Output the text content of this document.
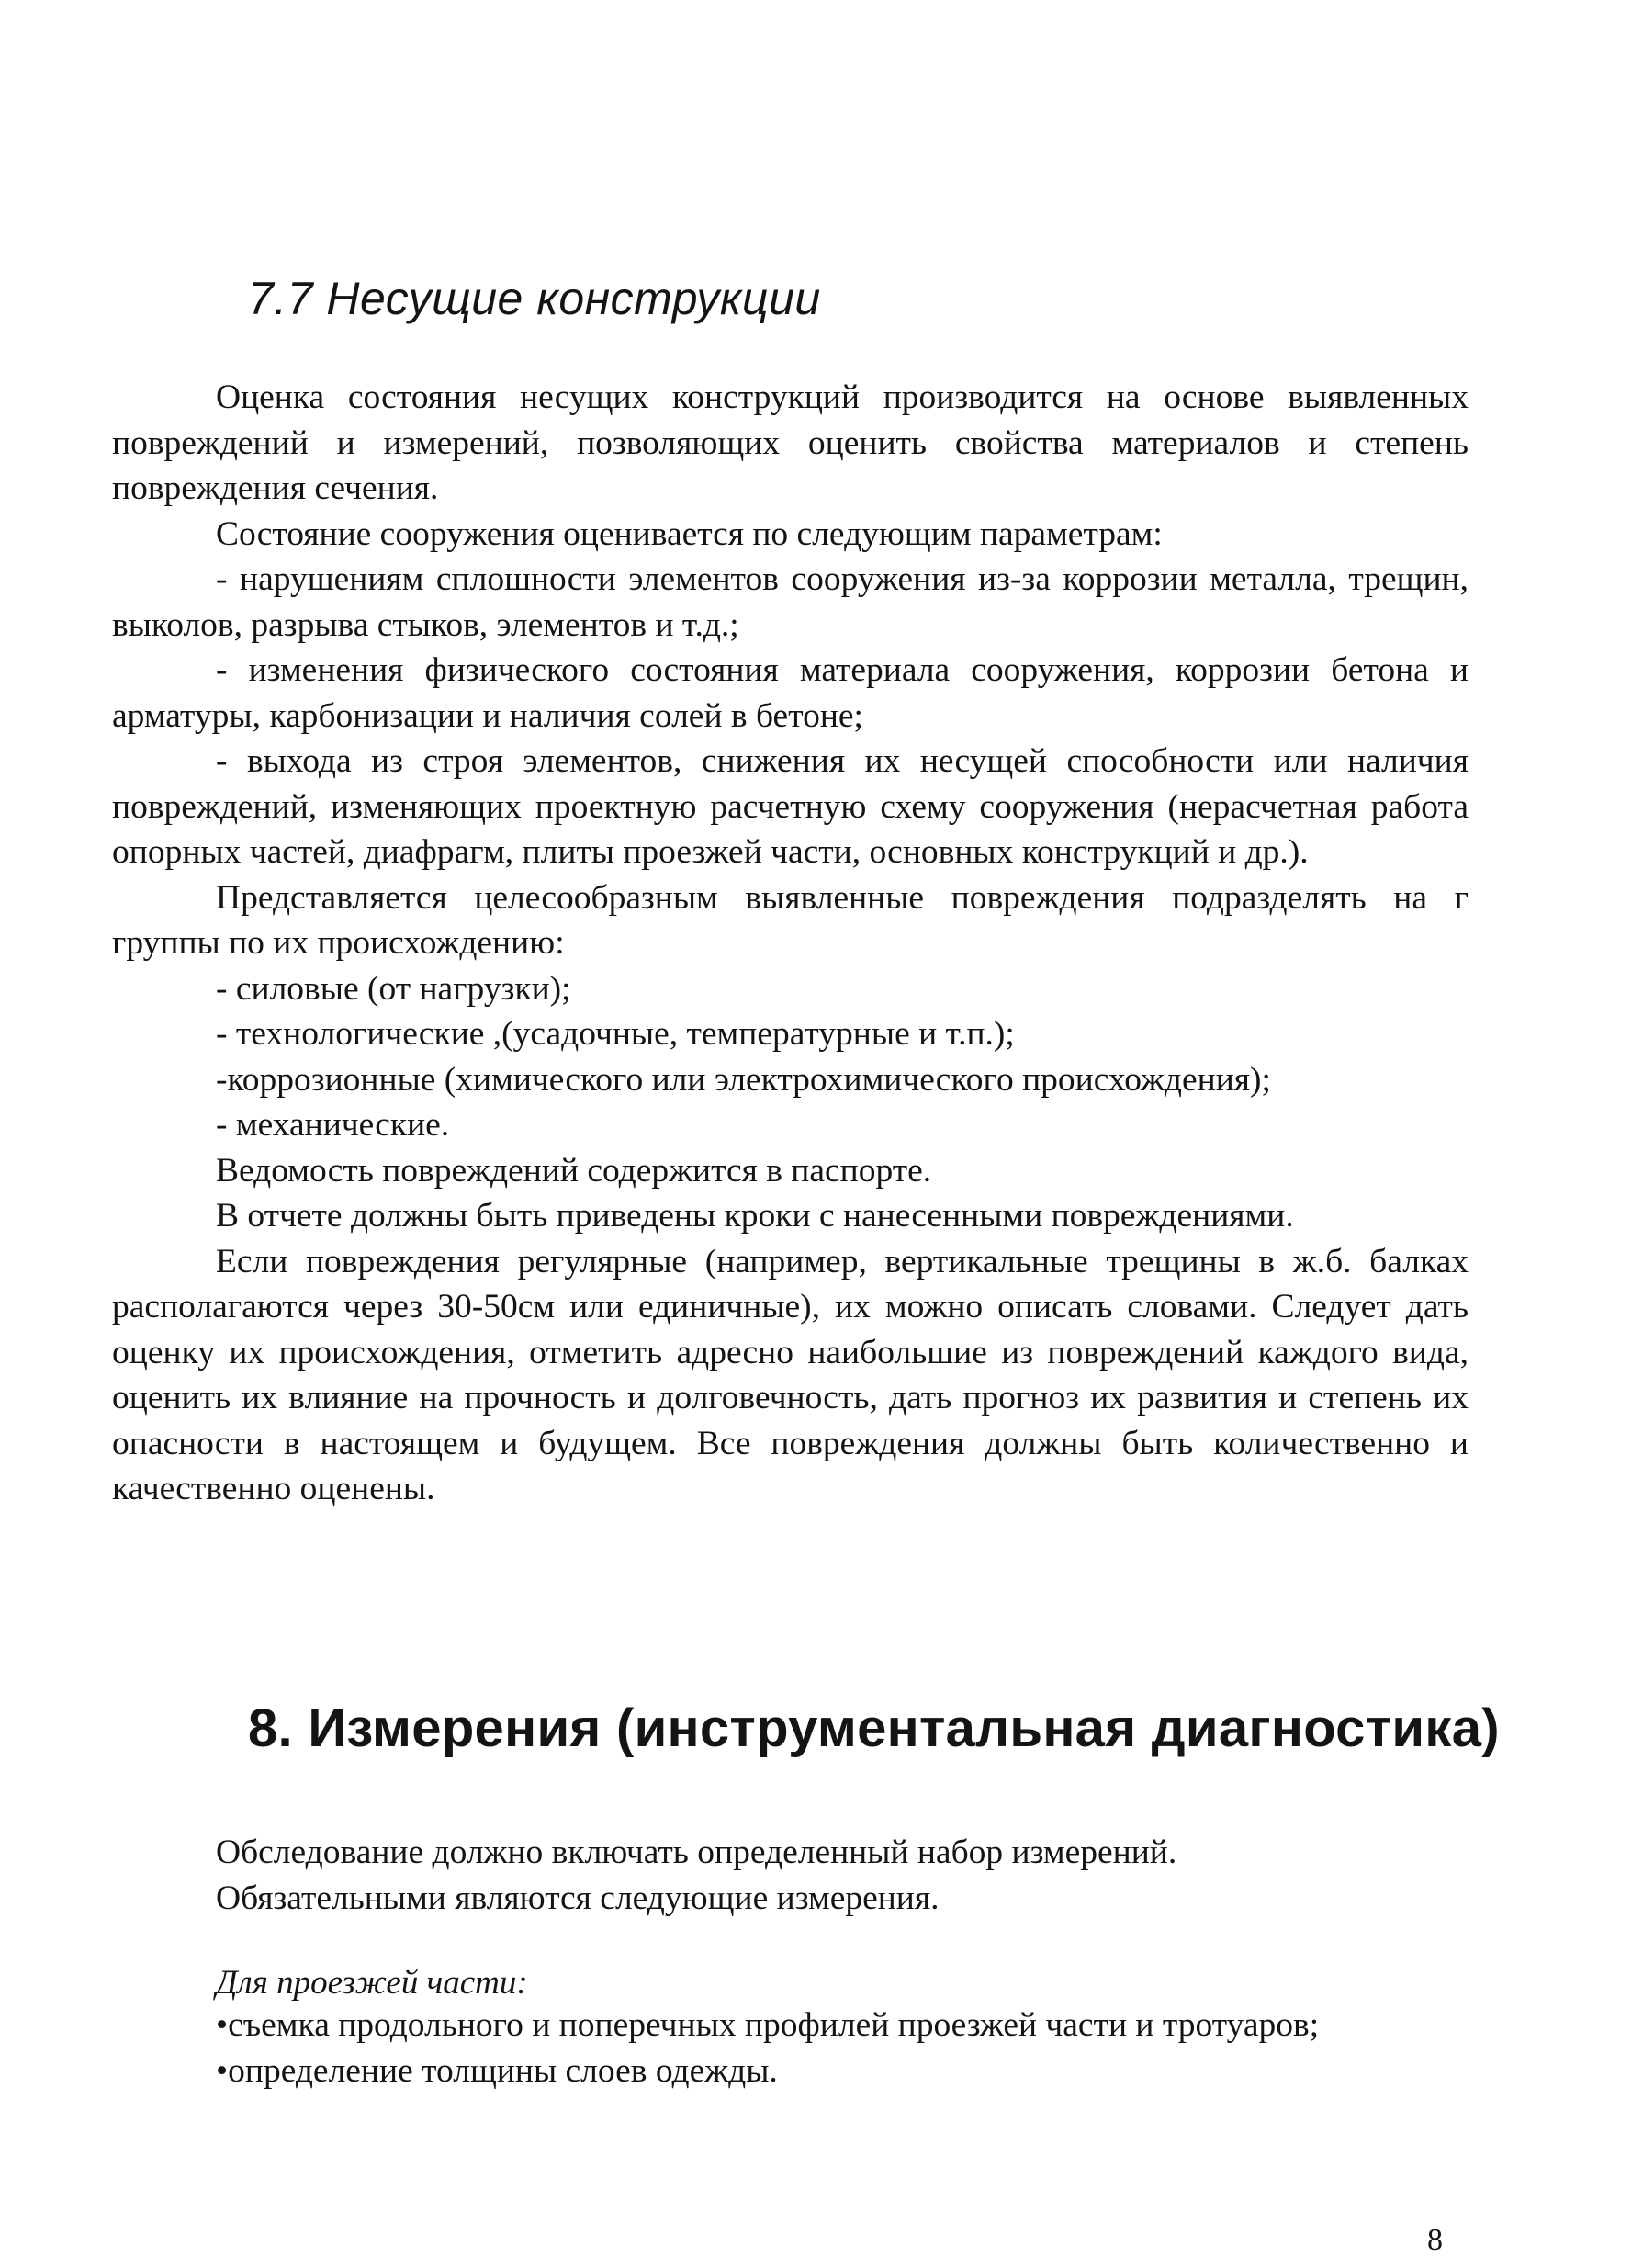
7.7 Несущие конструкции

Оценка состояния несущих конструкций производится на основе выявленных повреждений и измерений, позволяющих оценить свойства материалов и степень повреждения сечения.

Состояние сооружения оценивается по следующим параметрам:

- нарушениям сплошности элементов сооружения из-за коррозии металла, трещин, выколов, разрыва стыков, элементов и т.д.;

- изменения физического состояния материала сооружения, коррозии бетона и арматуры, карбонизации и наличия солей в бетоне;

- выхода из строя элементов, снижения их несущей способности или наличия повреждений, изменяющих проектную расчетную схему сооружения (нерасчетная работа опорных частей, диафрагм, плиты проезжей части, основных конструкций и др.).

Представляется целесообразным выявленные повреждения подразделять на г группы по их происхождению:

- силовые (от нагрузки);

- технологические ,(усадочные, температурные и т.п.);

-коррозионные (химического или электрохимического происхождения);

- механические.

Ведомость повреждений содержится в паспорте.

В отчете должны быть приведены кроки с нанесенными повреждениями.

Если повреждения регулярные (например, вертикальные трещины в ж.б. балках располагаются через 30-50см или единичные), их можно описать словами. Следует дать оценку их происхождения, отметить адресно наибольшие из повреждений каждого вида, оценить их влияние на прочность и долговечность, дать прогноз их развития и степень их опасности в настоящем и будущем. Все повреждения должны быть количественно и качественно оценены.

8. Измерения (инструментальная диагностика)

Обследование должно включать определенный набор измерений.

Обязательными являются следующие измерения.

Для проезжей части:

•съемка продольного и поперечных профилей проезжей части и тротуаров;

•определение толщины слоев одежды.

8
